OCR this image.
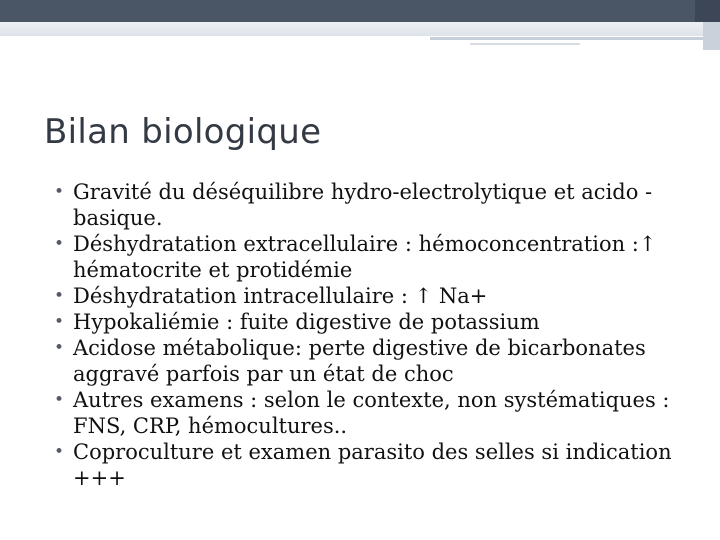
Bilan biologique
• Gravité du déséquilibre hydro-electrolytique et acido -basique.
• Déshydratation extracellulaire : hémoconcentration :↑ hématocrite et protidémie
• Déshydratation intracellulaire : ↑ Na+
• Hypokaliémie : fuite digestive de potassium
• Acidose métabolique: perte digestive de bicarbonates aggravé parfois par un état de choc
• Autres examens : selon le contexte, non systématiques : FNS, CRP, hémocultures..
• Coproculture et examen parasito des selles si indication +++
